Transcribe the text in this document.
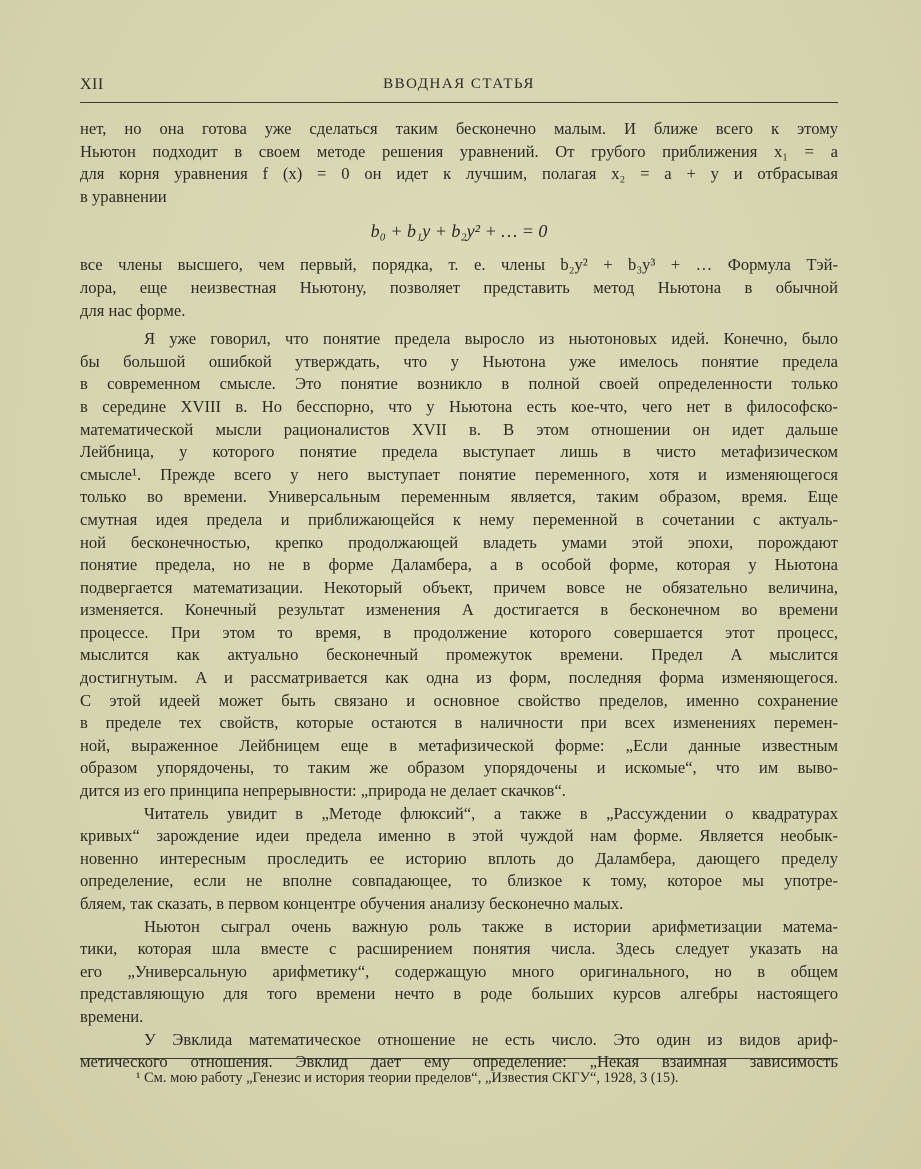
XII	ВВОДНАЯ СТАТЬЯ
нет, но она готова уже сделаться таким бесконечно малым. И ближе всего к этому
Ньютон подходит в своем методе решения уравнений. От грубого приближения x₁ = a
для корня уравнения f (x) = 0 он идет к лучшим, полагая x₂ = a + y и отбрасывая
в уравнении
b₀ + b₁y + b₂y² + … = 0
все члены высшего, чем первый, порядка, т. е. члены b₂y² + b₃y³ + … Формула Тэй-
лора, еще неизвестная Ньютону, позволяет представить метод Ньютона в обычной
для нас форме.
Я уже говорил, что понятие предела выросло из ньютоновых идей. Конечно, было
бы большой ошибкой утверждать, что у Ньютона уже имелось понятие предела
в современном смысле. Это понятие возникло в полной своей определенности только
в середине XVIII в. Но бесспорно, что у Ньютона есть кое-что, чего нет в философско-
математической мысли рационалистов XVII в. В этом отношении он идет дальше
Лейбница, у которого понятие предела выступает лишь в чисто метафизическом
смысле¹. Прежде всего у него выступает понятие переменного, хотя и изменяющегося
только во времени. Универсальным переменным является, таким образом, время. Еще
смутная идея предела и приближающейся к нему переменной в сочетании с актуаль-
ной бесконечностью, крепко продолжающей владеть умами этой эпохи, порождают
понятие предела, но не в форме Даламбера, а в особой форме, которая у Ньютона
подвергается математизации. Некоторый объект, причем вовсе не обязательно величина,
изменяется. Конечный результат изменения A достигается в бесконечном во времени
процессе. При этом то время, в продолжение которого совершается этот процесс,
мыслится как актуально бесконечный промежуток времени. Предел A мыслится
достигнутым. A и рассматривается как одна из форм, последняя форма изменяющегося.
С этой идеей может быть связано и основное свойство пределов, именно сохранение
в пределе тех свойств, которые остаются в наличности при всех изменениях перемен-
ной, выраженное Лейбницем еще в метафизической форме: „Если данные известным
образом упорядочены, то таким же образом упорядочены и искомые“, что им выво-
дится из его принципа непрерывности: „природа не делает скачков“.
Читатель увидит в „Методе флюксий“, а также в „Рассуждении о квадратурах
кривых“ зарождение идеи предела именно в этой чуждой нам форме. Является необык-
новенно интересным проследить ее историю вплоть до Даламбера, дающего пределу
определение, если не вполне совпадающее, то близкое к тому, которое мы употре-
бляем, так сказать, в первом концентре обучения анализу бесконечно малых.
Ньютон сыграл очень важную роль также в истории арифметизации матема-
тики, которая шла вместе с расширением понятия числа. Здесь следует указать на
его „Универсальную арифметику“, содержащую много оригинального, но в общем
представляющую для того времени нечто в роде больших курсов алгебры настоящего
времени.
У Эвклида математическое отношение не есть число. Это один из видов ариф-
метического отношения. Эвклид дает ему определение: „Некая взаимная зависимость
¹ См. мою работу „Генезис и история теории пределов“, „Известия СКГУ“, 1928, 3 (15).
